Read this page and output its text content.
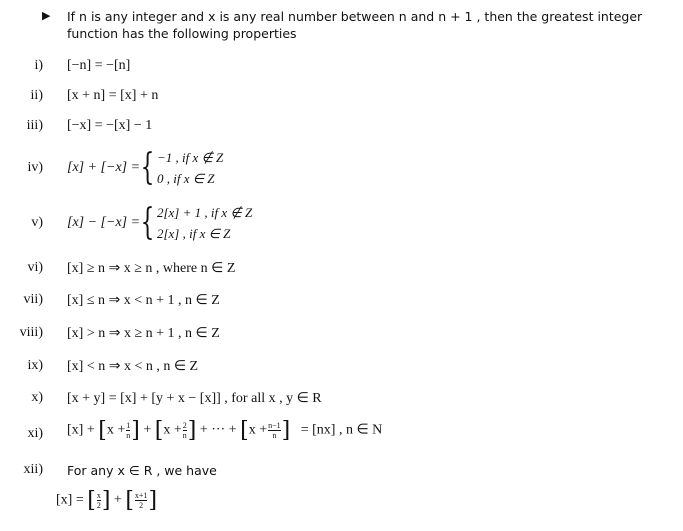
▶ If n is any integer and x is any real number between n and n + 1 , then the greatest integer function has the following properties
i) [−n] = −[n]
ii) [x + n] = [x] + n
iii) [−x] = −[x] − 1
iv) [x] + [−x] = { −1 , if x ∉ Z
0 , if x ∈ Z
v) [x] − [−x] = { 2[x] + 1 , if x ∉ Z
2[x] , if x ∈ Z
vi) [x] ≥ n ⇒ x ≥ n , where n ∈ Z
vii) [x] ≤ n ⇒ x < n + 1 , n ∈ Z
viii) [x] > n ⇒ x ≥ n + 1 , n ∈ Z
ix) [x] < n ⇒ x < n , n ∈ Z
x) [x + y] = [x] + [y + x − [x]] , for all x , y ∈ R
xi) $[x] + [x + \frac{1}{n}$ ] + [$x + \frac{2}{n}$ ] + ··· + [$x + \frac{n-1}{n}$ ] = [nx] , n ∈ N
xii) For any x ∈ R , we have
[x] = [ $\frac{x}{2}$ ] + [ $\frac{x+1}{2}$ ]
